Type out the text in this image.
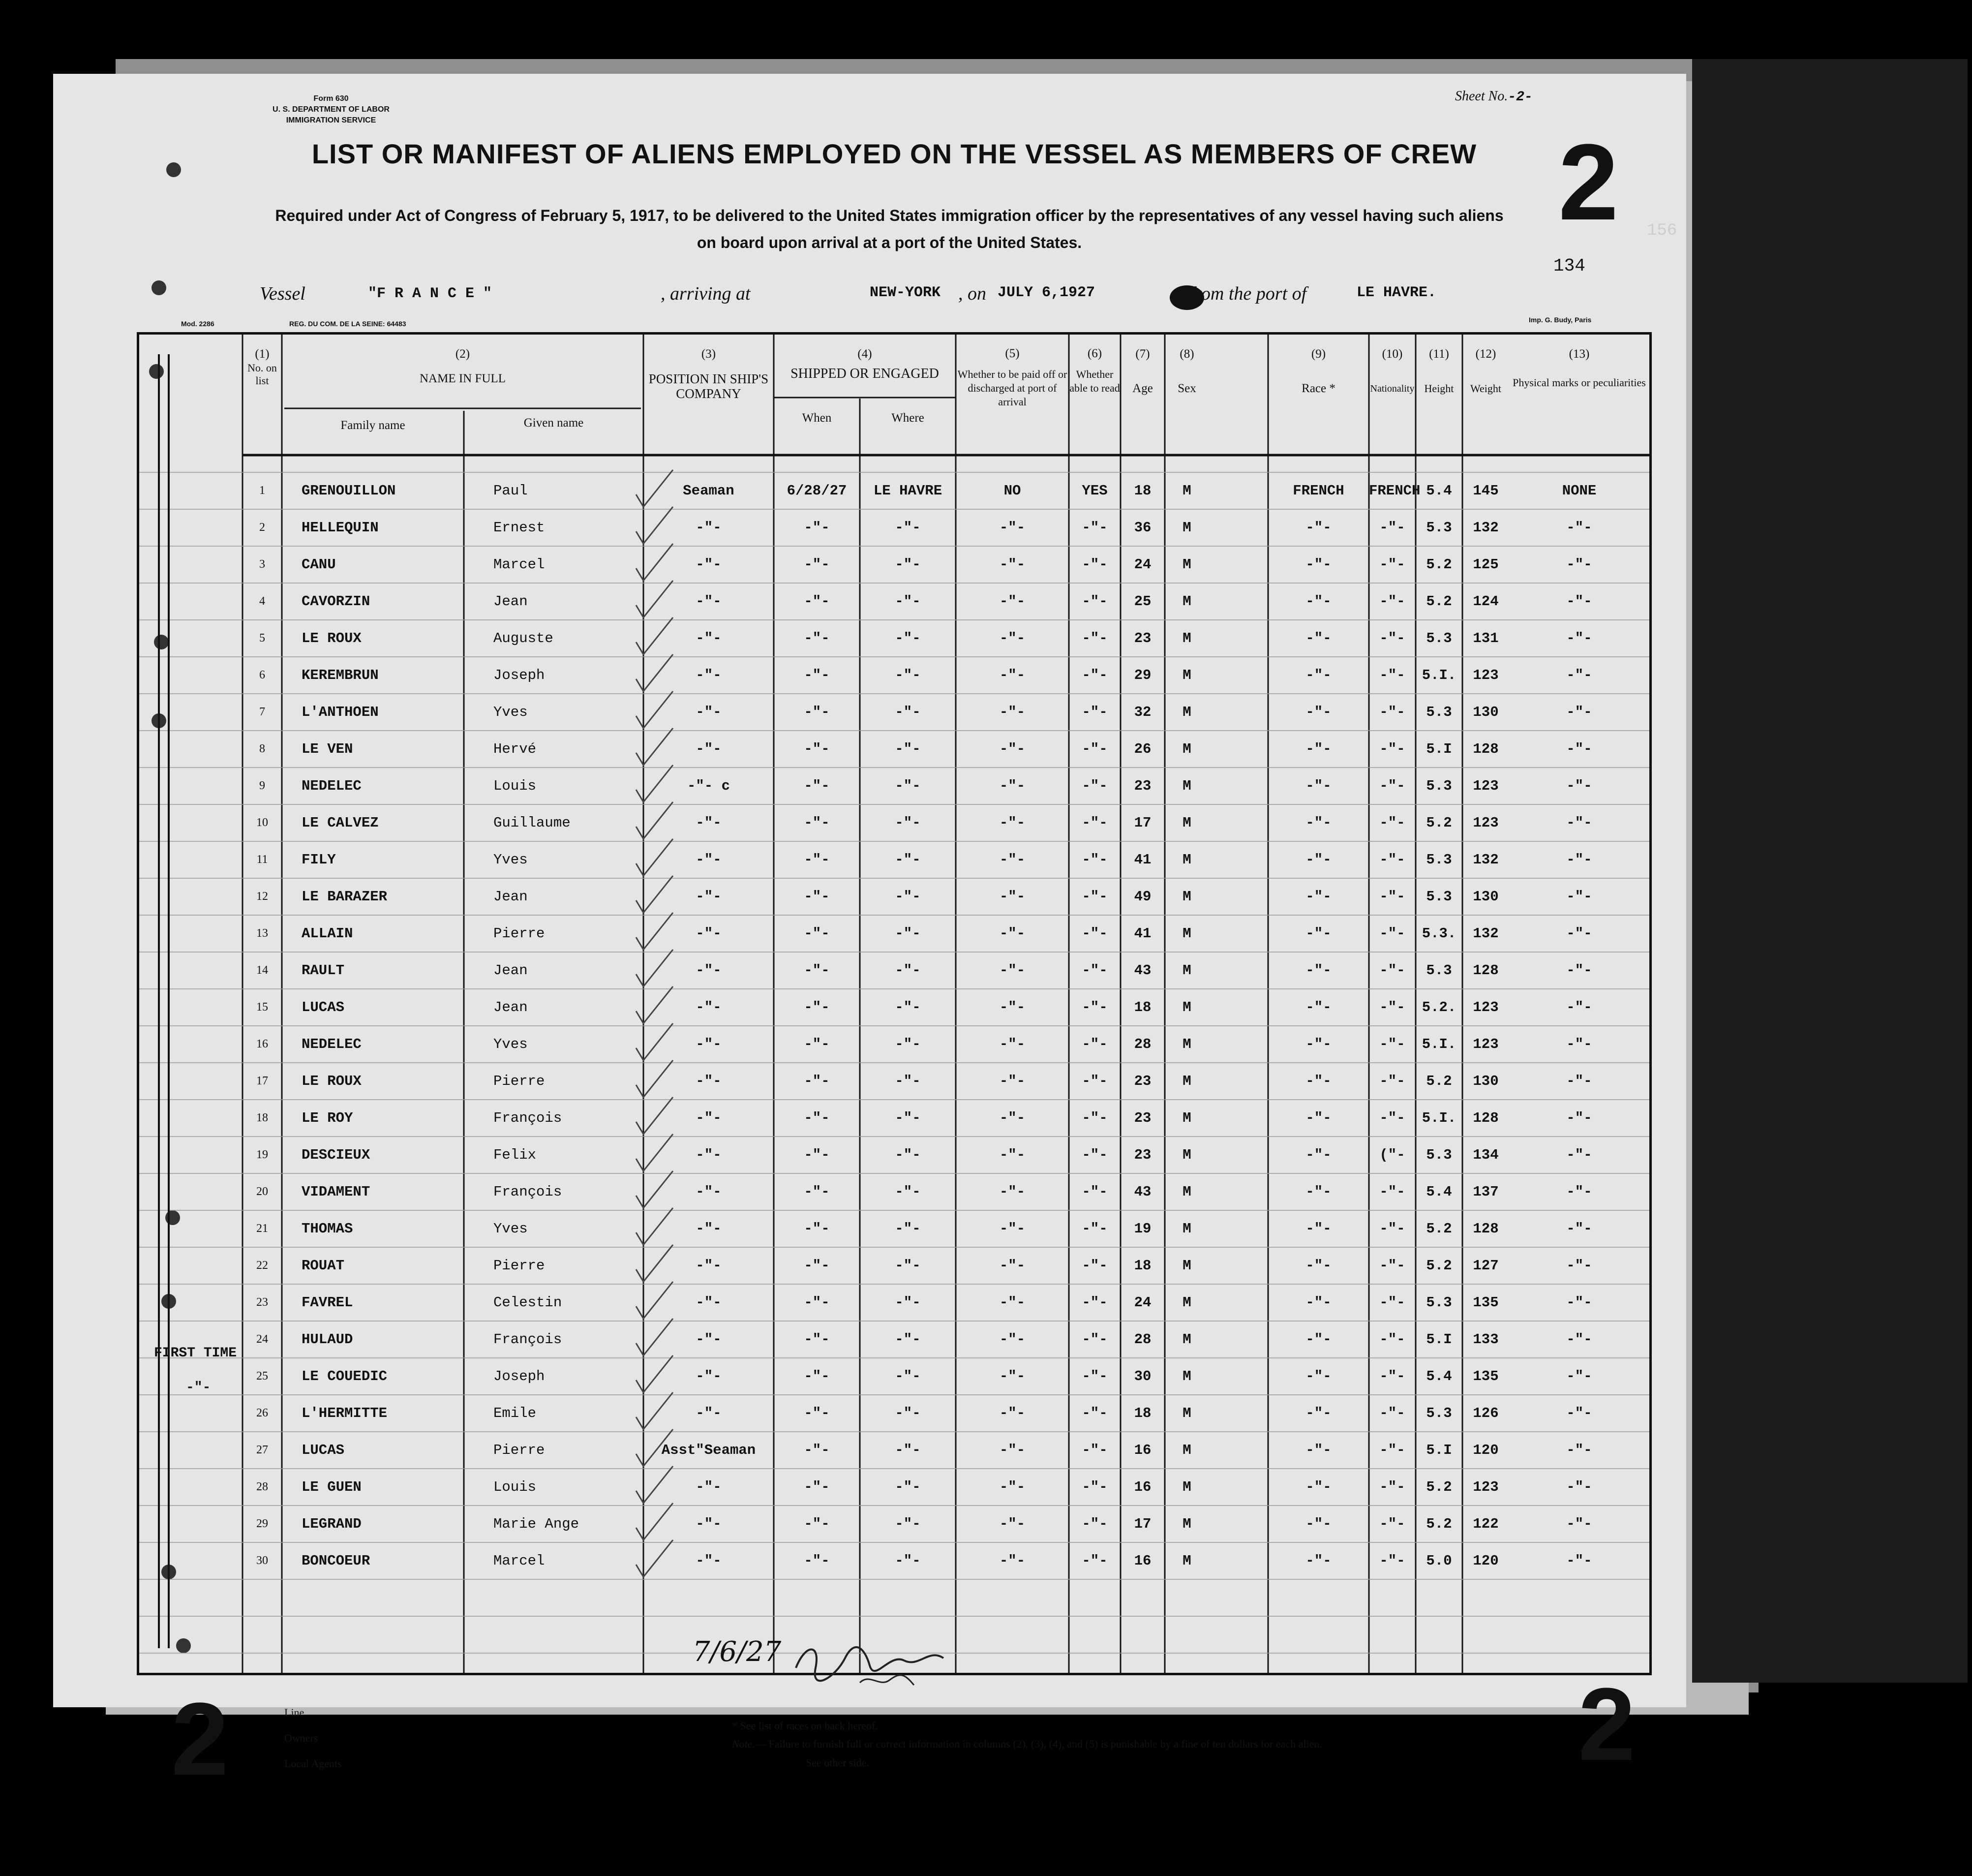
Form 630
U. S. DEPARTMENT OF LABOR
IMMIGRATION SERVICE
Sheet No.-2-
LIST OR MANIFEST OF ALIENS EMPLOYED ON THE VESSEL AS MEMBERS OF CREW 2
Required under Act of Congress of February 5, 1917, to be delivered to the United States immigration officer by the representatives of any vessel having such aliens
on board upon arrival at a port of the United States.
156
134
Vessel	"F R A N C E "	, arriving at	NEW-YORK , on JULY 6,1927	from the port of	LE HAVRE.
Mod. 2286	REG. DU COM. DE LA SEINE: 64483	Imp. G. Budy, Paris
FIRST TIME
-"-
(1)
No. on list
(2)
NAME IN FULL
Family name	Given name
(3)
POSITION IN SHIP'S COMPANY
(4)
SHIPPED OR ENGAGED
When	Where
(5)
Whether to be paid off or discharged at port of arrival
(6)
Whether able to read
(7)
Age
(8)
Sex
(9)
Race *
(10)
Nationality
(11)
Height
(12)
Weight
(13)
Physical marks or peculiarities
1	GRENOUILLON	Paul	Seaman	6/28/27	LE HAVRE	NO	YES	18	M	FRENCH	FRENCH 5.4	145	NONE
2	HELLEQUIN	Ernest	-"-	-"-	-"-	-"-	-"-	36	M	-"-	-"-	5.3	132	-"-
3	CANU	Marcel	-"-	-"-	-"-	-"-	-"-	24	M	-"-	-"-	5.2	125	-"-
4	CAVORZIN	Jean	-"-	-"-	-"-	-"-	-"-	25	M	-"-	-"-	5.2	124	-"-
5	LE ROUX	Auguste	-"-	-"-	-"-	-"-	-"-	23	M	-"-	-"-	5.3	131	-"-
6	KEREMBRUN	Joseph	-"-	-"-	-"-	-"-	-"-	29	M	-"-	-"-	5.I.	123	-"-
7	L'ANTHOEN	Yves	-"-	-"-	-"-	-"-	-"-	32	M	-"-	-"-	5.3	130	-"-
8	LE VEN	Hervé	-"-	-"-	-"-	-"-	-"-	26	M	-"-	-"-	5.I	128	-"-
9	NEDELEC	Louis	-"- c	-"-	-"-	-"-	-"-	23	M	-"-	-"-	5.3	123	-"-
10	LE CALVEZ	Guillaume	-"-	-"-	-"-	-"-	-"-	17	M	-"-	-"-	5.2	123	-"-
11	FILY	Yves	-"-	-"-	-"-	-"-	-"-	41	M	-"-	-"-	5.3	132	-"-
12	LE BARAZER	Jean	-"-	-"-	-"-	-"-	-"-	49	M	-"-	-"-	5.3	130	-"-
13	ALLAIN	Pierre	-"-	-"-	-"-	-"-	-"-	41	M	-"-	-"-	5.3.	132	-"-
14	RAULT	Jean	-"-	-"-	-"-	-"-	-"-	43	M	-"-	-"-	5.3	128	-"-
15	LUCAS	Jean	-"-	-"-	-"-	-"-	-"-	18	M	-"-	-"-	5.2.	123	-"-
16	NEDELEC	Yves	-"-	-"-	-"-	-"-	-"-	28	M	-"-	-"-	5.I.	123	-"-
17	LE ROUX	Pierre	-"-	-"-	-"-	-"-	-"-	23	M	-"-	-"-	5.2	130	-"-
18	LE ROY	François	-"-	-"-	-"-	-"-	-"-	23	M	-"-	-"-	5.I.	128	-"-
19	DESCIEUX	Felix	-"-	-"-	-"-	-"-	-"-	23	M	-"-	("-	5.3	134	-"-
20	VIDAMENT	François	-"-	-"-	-"-	-"-	-"-	43	M	-"-	-"-	5.4	137	-"-
21	THOMAS	Yves	-"-	-"-	-"-	-"-	-"-	19	M	-"-	-"-	5.2	128	-"-
22	ROUAT	Pierre	-"-	-"-	-"-	-"-	-"-	18	M	-"-	-"-	5.2	127	-"-
23	FAVREL	Celestin	-"-	-"-	-"-	-"-	-"-	24	M	-"-	-"-	5.3	135	-"-
24	HULAUD	François	-"-	-"-	-"-	-"-	-"-	28	M	-"-	-"-	5.I	133	-"-
25	LE COUEDIC	Joseph	-"-	-"-	-"-	-"-	-"-	30	M	-"-	-"-	5.4	135	-"-
26	L'HERMITTE	Emile	-"-	-"-	-"-	-"-	-"-	18	M	-"-	-"-	5.3	126	-"-
27	LUCAS	Pierre	Asst"Seaman	-"-	-"-	-"-	-"-	16	M	-"-	-"-	5.I	120	-"-
28	LE GUEN	Louis	-"-	-"-	-"-	-"-	-"-	16	M	-"-	-"-	5.2	123	-"-
29	LEGRAND	Marie Ange	-"-	-"-	-"-	-"-	-"-	17	M	-"-	-"-	5.2	122	-"-
30	BONCOEUR	Marcel	-"-	-"-	-"-	-"-	-"-	16	M	-"-	-"-	5.0	120	-"-
Line
Owners
Local Agents
* See list of races on back hereof.
Note.— Failure to furnish full or correct information in columns (2), (3), (4), and (5) is punishable by a fine of ten dollars for each alien.
See other side.
7/6/27
2	2
